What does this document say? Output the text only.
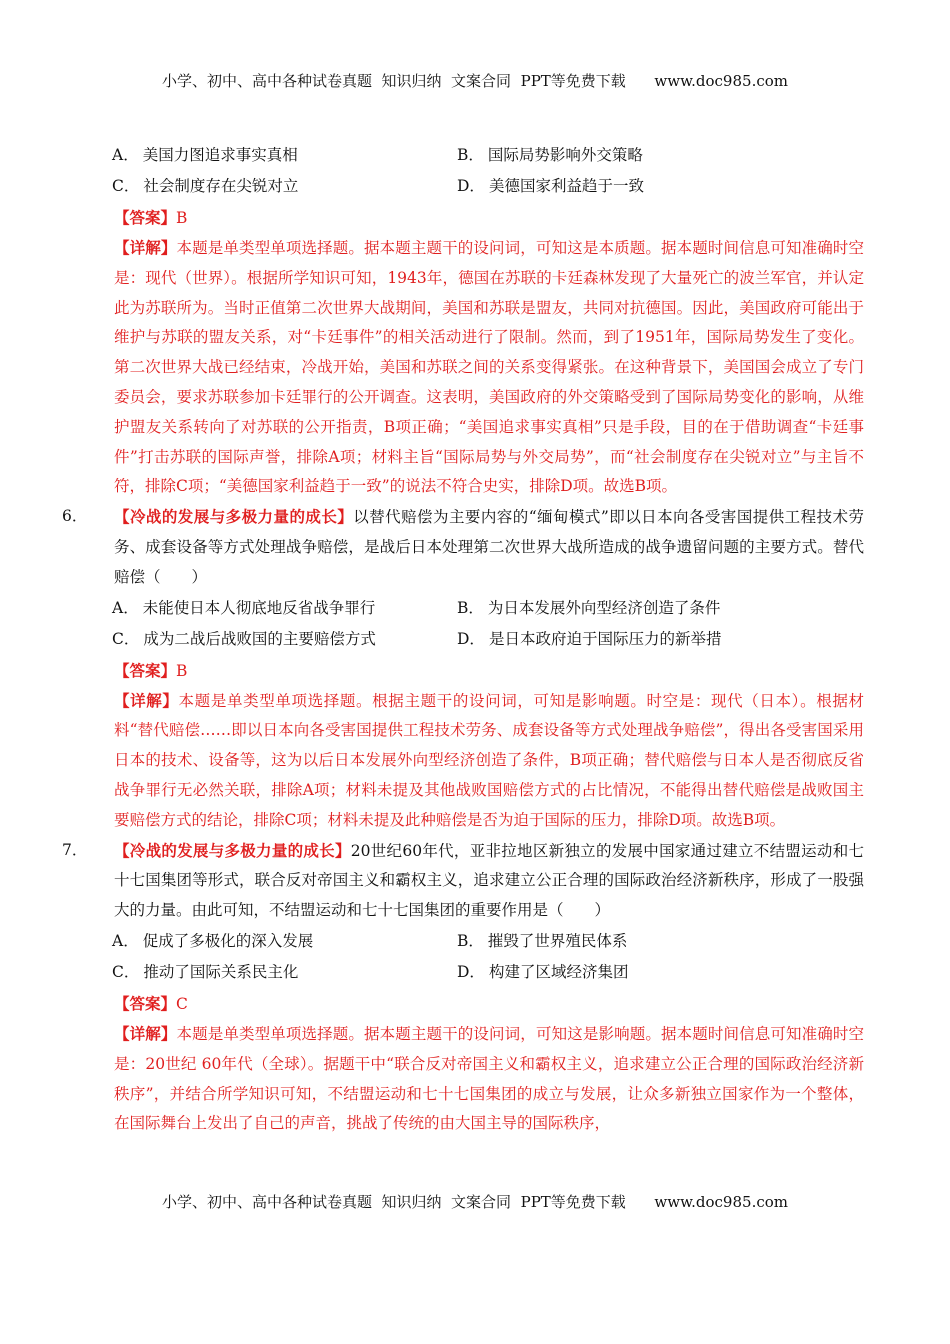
小学、初中、高中各种试卷真题  知识归纳  文案合同  PPT等免费下载      www.doc985.com
A． 美国力图追求事实真相	B． 国际局势影响外交策略
C． 社会制度存在尖锐对立	D． 美德国家利益趋于一致
【答案】B
【详解】本题是单类型单项选择题。据本题主题干的设问词，可知这是本质题。据本题时间信息可知准确时空是：现代（世界）。根据所学知识可知，1943年，德国在苏联的卡廷森林发现了大量死亡的波兰军官，并认定此为苏联所为。当时正值第二次世界大战期间，美国和苏联是盟友，共同对抗德国。因此，美国政府可能出于维护与苏联的盟友关系，对“卡廷事件”的相关活动进行了限制。然而，到了1951年，国际局势发生了变化。第二次世界大战已经结束，冷战开始，美国和苏联之间的关系变得紧张。在这种背景下，美国国会成立了专门委员会，要求苏联参加卡廷罪行的公开调查。这表明，美国政府的外交策略受到了国际局势变化的影响，从维护盟友关系转向了对苏联的公开指责，B项正确；“美国追求事实真相”只是手段，目的在于借助调查“卡廷事件”打击苏联的国际声誉，排除A项；材料主旨“国际局势与外交局势”，而“社会制度存在尖锐对立”与主旨不符，排除C项；“美德国家利益趋于一致”的说法不符合史实，排除D项。故选B项。
6． 【冷战的发展与多极力量的成长】以替代赔偿为主要内容的“缅甸模式”即以日本向各受害国提供工程技术劳务、成套设备等方式处理战争赔偿，是战后日本处理第二次世界大战所造成的战争遗留问题的主要方式。替代赔偿（　　）
A． 未能使日本人彻底地反省战争罪行	B． 为日本发展外向型经济创造了条件
C． 成为二战后战败国的主要赔偿方式	D． 是日本政府迫于国际压力的新举措
【答案】B
【详解】本题是单类型单项选择题。根据主题干的设问词，可知是影响题。时空是：现代（日本）。根据材料“替代赔偿……即以日本向各受害国提供工程技术劳务、成套设备等方式处理战争赔偿”，得出各受害国采用日本的技术、设备等，这为以后日本发展外向型经济创造了条件，B项正确；替代赔偿与日本人是否彻底反省战争罪行无必然关联，排除A项；材料未提及其他战败国赔偿方式的占比情况，不能得出替代赔偿是战败国主要赔偿方式的结论，排除C项；材料未提及此种赔偿是否为迫于国际的压力，排除D项。故选B项。
7． 【冷战的发展与多极力量的成长】20世纪60年代，亚非拉地区新独立的发展中国家通过建立不结盟运动和七十七国集团等形式，联合反对帝国主义和霸权主义，追求建立公正合理的国际政治经济新秩序，形成了一股强大的力量。由此可知，不结盟运动和七十七国集团的重要作用是（　　）
A． 促成了多极化的深入发展	B． 摧毁了世界殖民体系
C． 推动了国际关系民主化	D． 构建了区域经济集团
【答案】C
【详解】本题是单类型单项选择题。据本题主题干的设问词，可知这是影响题。据本题时间信息可知准确时空是：20世纪 60年代（全球）。据题干中“联合反对帝国主义和霸权主义，追求建立公正合理的国际政治经济新秩序”，并结合所学知识可知，不结盟运动和七十七国集团的成立与发展，让众多新独立国家作为一个整体，在国际舞台上发出了自己的声音，挑战了传统的由大国主导的国际秩序，
小学、初中、高中各种试卷真题  知识归纳  文案合同  PPT等免费下载      www.doc985.com
